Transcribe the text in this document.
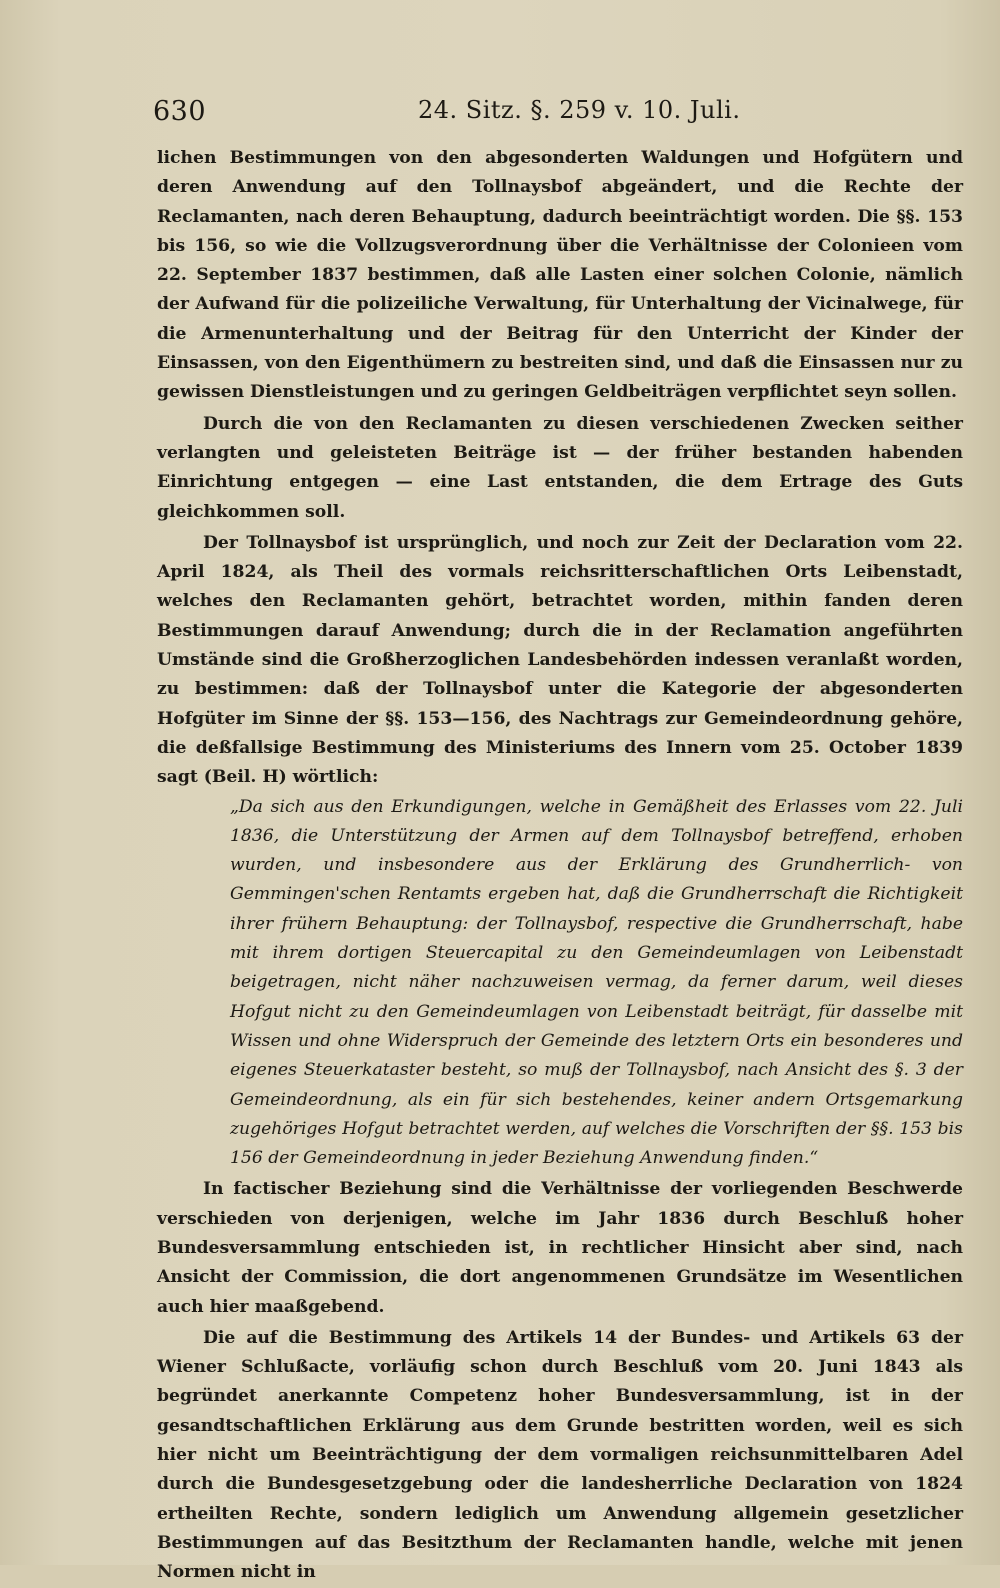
630	24. Sitz. §. 259 v. 10. Juli.

lichen Bestimmungen von den abgesonderten Waldungen und Hofgütern und deren Anwendung auf den Tollnaysbof abgeändert, und die Rechte der Reclamanten, nach deren Behauptung, dadurch beeinträchtigt worden. Die §§. 153 bis 156, so wie die Vollzugsverordnung über die Verhältnisse der Colonieen vom 22. September 1837 bestimmen, daß alle Lasten einer solchen Colonie, nämlich der Aufwand für die polizeiliche Verwaltung, für Unterhaltung der Vicinalwege, für die Armenunterhaltung und der Beitrag für den Unterricht der Kinder der Einsassen, von den Eigenthümern zu bestreiten sind, und daß die Einsassen nur zu gewissen Dienstleistungen und zu geringen Geldbeiträgen verpflichtet seyn sollen.

Durch die von den Reclamanten zu diesen verschiedenen Zwecken seither verlangten und geleisteten Beiträge ist — der früher bestanden habenden Einrichtung entgegen — eine Last entstanden, die dem Ertrage des Guts gleichkommen soll.

Der Tollnaysbof ist ursprünglich, und noch zur Zeit der Declaration vom 22. April 1824, als Theil des vormals reichsritterschaftlichen Orts Leibenstadt, welches den Reclamanten gehört, betrachtet worden, mithin fanden deren Bestimmungen darauf Anwendung; durch die in der Reclamation angeführten Umstände sind die Großherzoglichen Landesbehörden indessen veranlaßt worden, zu bestimmen: daß der Tollnaysbof unter die Kategorie der abgesonderten Hofgüter im Sinne der §§. 153—156, des Nachtrags zur Gemeindeordnung gehöre, die deßfallsige Bestimmung des Ministeriums des Innern vom 25. October 1839 sagt (Beil. H) wörtlich:

„Da sich aus den Erkundigungen, welche in Gemäßheit des Erlasses vom 22. Juli 1836, die Unterstützung der Armen auf dem Tollnaysbof betreffend, erhoben wurden, und insbesondere aus der Erklärung des Grundherrlich- von Gemmingen'schen Rentamts ergeben hat, daß die Grundherrschaft die Richtigkeit ihrer frühern Behauptung: der Tollnaysbof, respective die Grundherrschaft, habe mit ihrem dortigen Steuercapital zu den Gemeindeumlagen von Leibenstadt beigetragen, nicht näher nachzuweisen vermag, da ferner darum, weil dieses Hofgut nicht zu den Gemeindeumlagen von Leibenstadt beiträgt, für dasselbe mit Wissen und ohne Widerspruch der Gemeinde des letztern Orts ein besonderes und eigenes Steuerkataster besteht, so muß der Tollnaysbof, nach Ansicht des §. 3 der Gemeindeordnung, als ein für sich bestehendes, keiner andern Ortsgemarkung zugehöriges Hofgut betrachtet werden, auf welches die Vorschriften der §§. 153 bis 156 der Gemeindeordnung in jeder Beziehung Anwendung finden.“

In factischer Beziehung sind die Verhältnisse der vorliegenden Beschwerde verschieden von derjenigen, welche im Jahr 1836 durch Beschluß hoher Bundesversammlung entschieden ist, in rechtlicher Hinsicht aber sind, nach Ansicht der Commission, die dort angenommenen Grundsätze im Wesentlichen auch hier maaßgebend.

Die auf die Bestimmung des Artikels 14 der Bundes- und Artikels 63 der Wiener Schlußacte, vorläufig schon durch Beschluß vom 20. Juni 1843 als begründet anerkannte Competenz hoher Bundesversammlung, ist in der gesandtschaftlichen Erklärung aus dem Grunde bestritten worden, weil es sich hier nicht um Beeinträchtigung der dem vormaligen reichsunmittelbaren Adel durch die Bundesgesetzgebung oder die landesherrliche Declaration von 1824 ertheilten Rechte, sondern lediglich um Anwendung allgemein gesetzlicher Bestimmungen auf das Besitzthum der Reclamanten handle, welche mit jenen Normen nicht in
